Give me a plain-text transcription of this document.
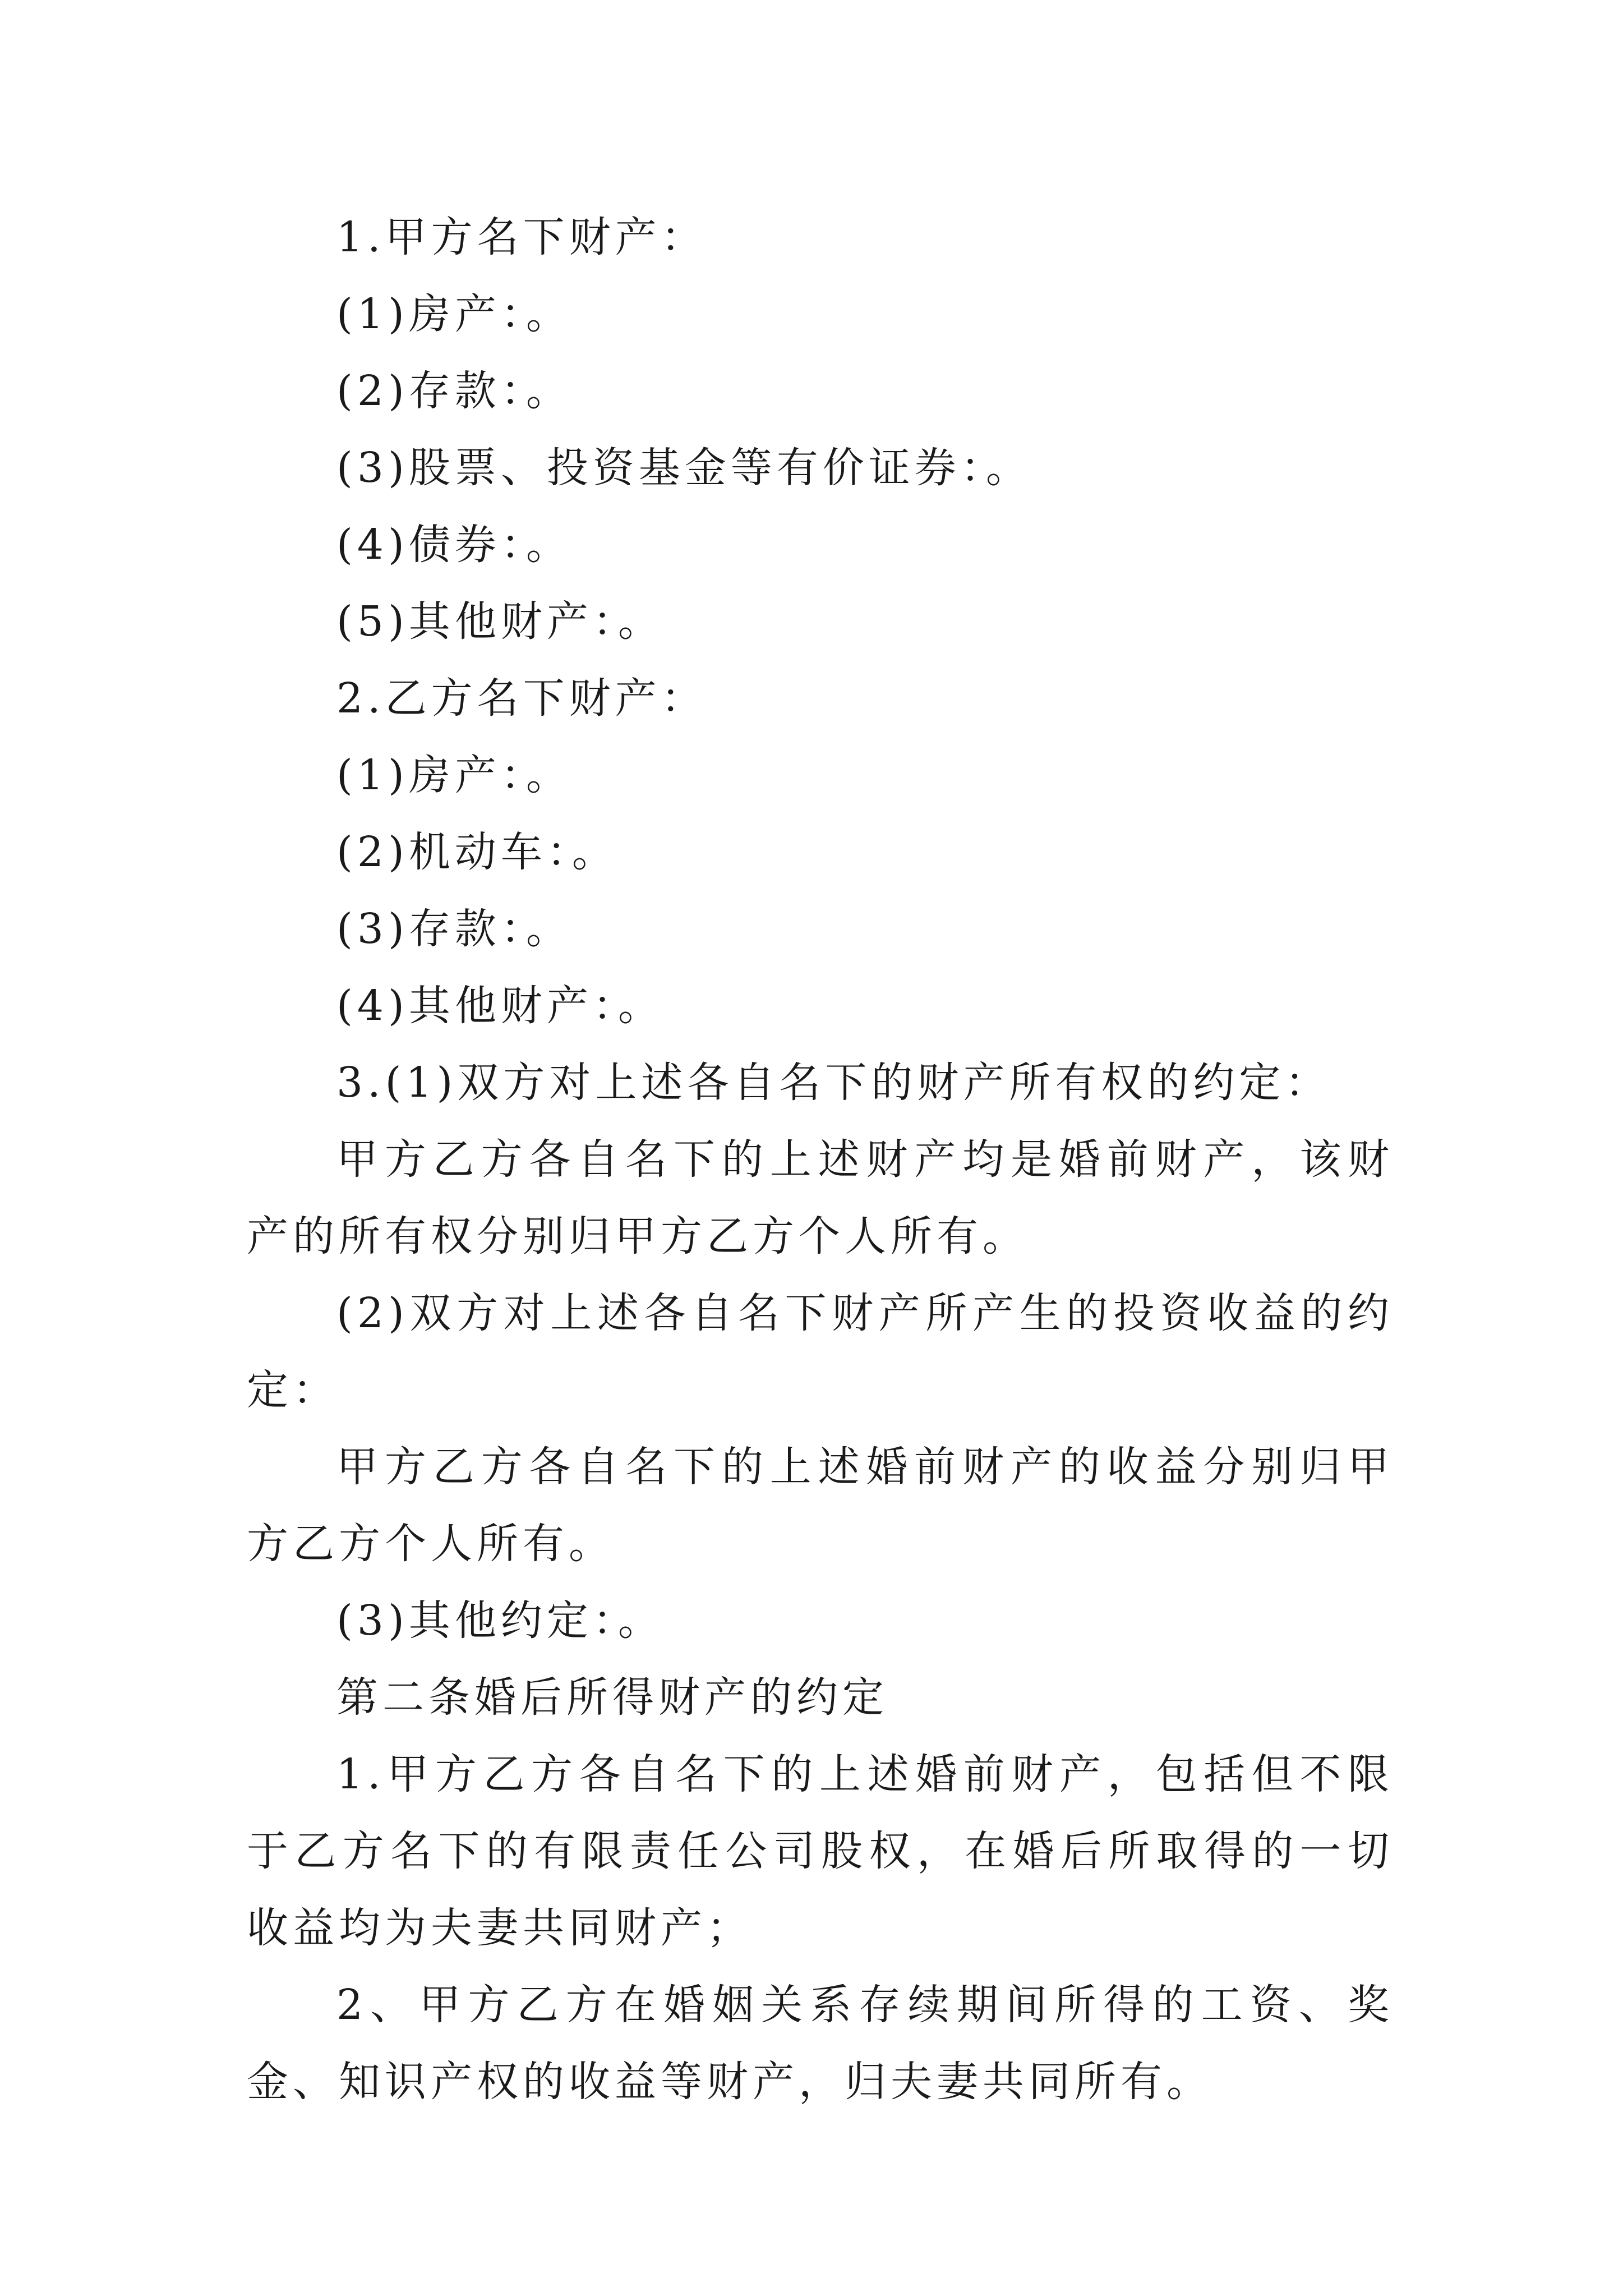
1.甲方名下财产：

(1)房产：。

(2)存款：。

(3)股票、投资基金等有价证券：。

(4)债券：。

(5)其他财产：。

2.乙方名下财产：

(1)房产：。

(2)机动车：。

(3)存款：。

(4)其他财产：。

3.(1)双方对上述各自名下的财产所有权的约定：

甲方乙方各自名下的上述财产均是婚前财产，该财产的所有权分别归甲方乙方个人所有。

(2)双方对上述各自名下财产所产生的投资收益的约定：

甲方乙方各自名下的上述婚前财产的收益分别归甲方乙方个人所有。

(3)其他约定：。

第二条婚后所得财产的约定

1.甲方乙方各自名下的上述婚前财产，包括但不限于乙方名下的有限责任公司股权，在婚后所取得的一切收益均为夫妻共同财产；

2、甲方乙方在婚姻关系存续期间所得的工资、奖金、知识产权的收益等财产，归夫妻共同所有。
